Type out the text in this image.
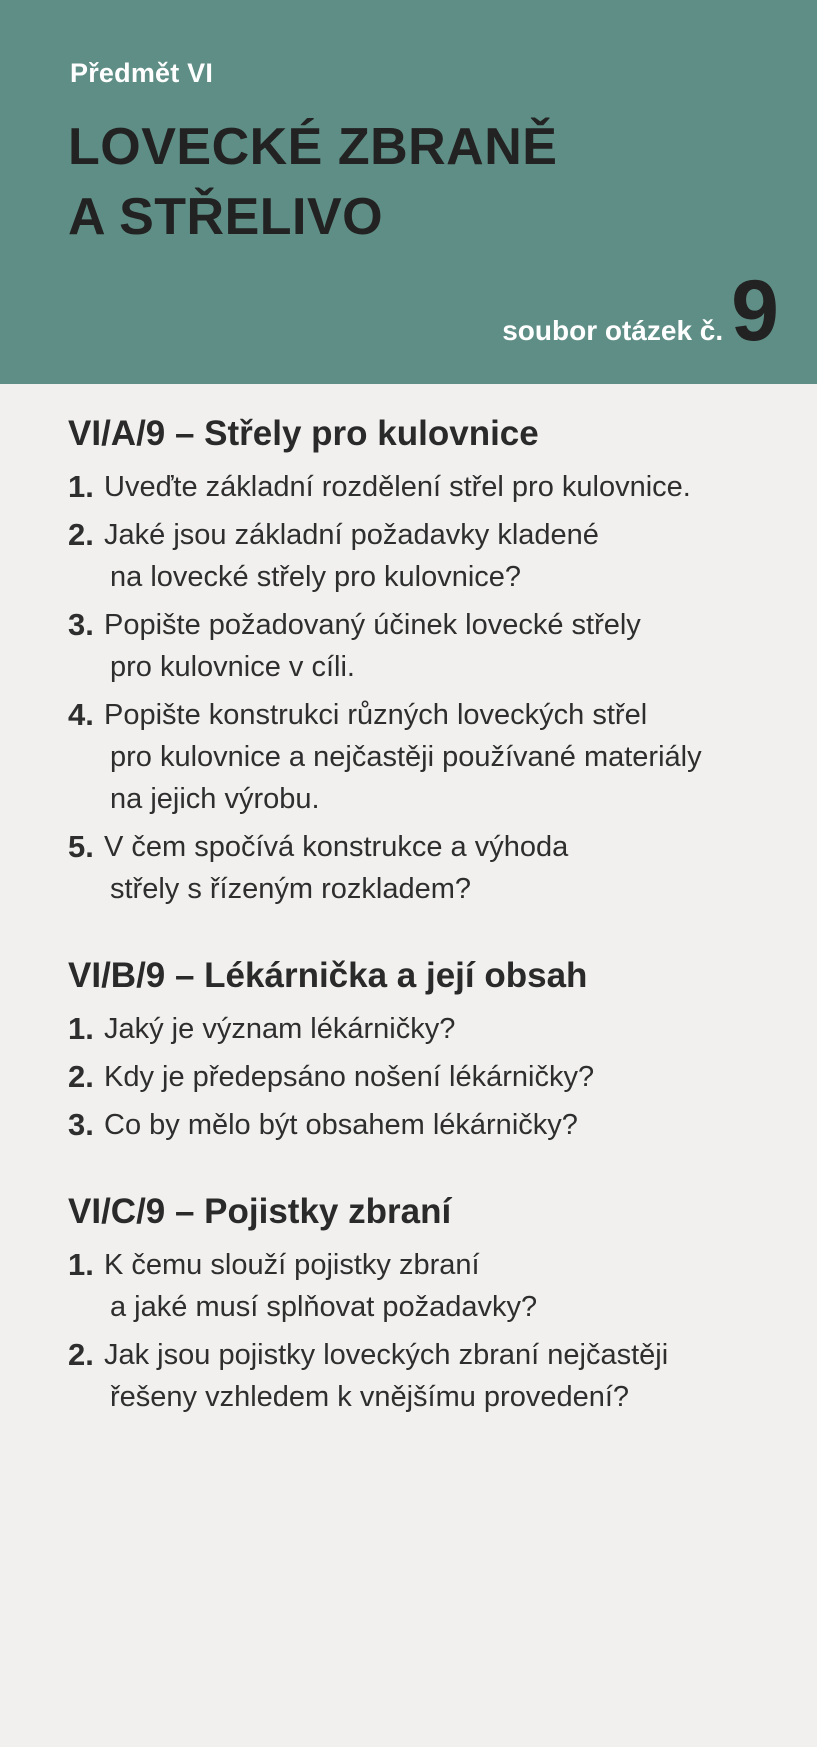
Předmět VI
LOVECKÉ ZBRANĚ
A STŘELIVO
soubor otázek č. 9
VI/A/9 – Střely pro kulovnice
1. Uveďte základní rozdělení střel pro kulovnice.
2. Jaké jsou základní požadavky kladené
na lovecké střely pro kulovnice?
3. Popište požadovaný účinek lovecké střely
pro kulovnice v cíli.
4. Popište konstrukci různých loveckých střel
pro kulovnice a nejčastěji používané materiály
na jejich výrobu.
5. V čem spočívá konstrukce a výhoda
střely s řízeným rozkladem?
VI/B/9 – Lékárnička a její obsah
1. Jaký je význam lékárničky?
2. Kdy je předepsáno nošení lékárničky?
3. Co by mělo být obsahem lékárničky?
VI/C/9 – Pojistky zbraní
1. K čemu slouží pojistky zbraní
a jaké musí splňovat požadavky?
2. Jak jsou pojistky loveckých zbraní nejčastěji
řešeny vzhledem k vnějšímu provedení?
